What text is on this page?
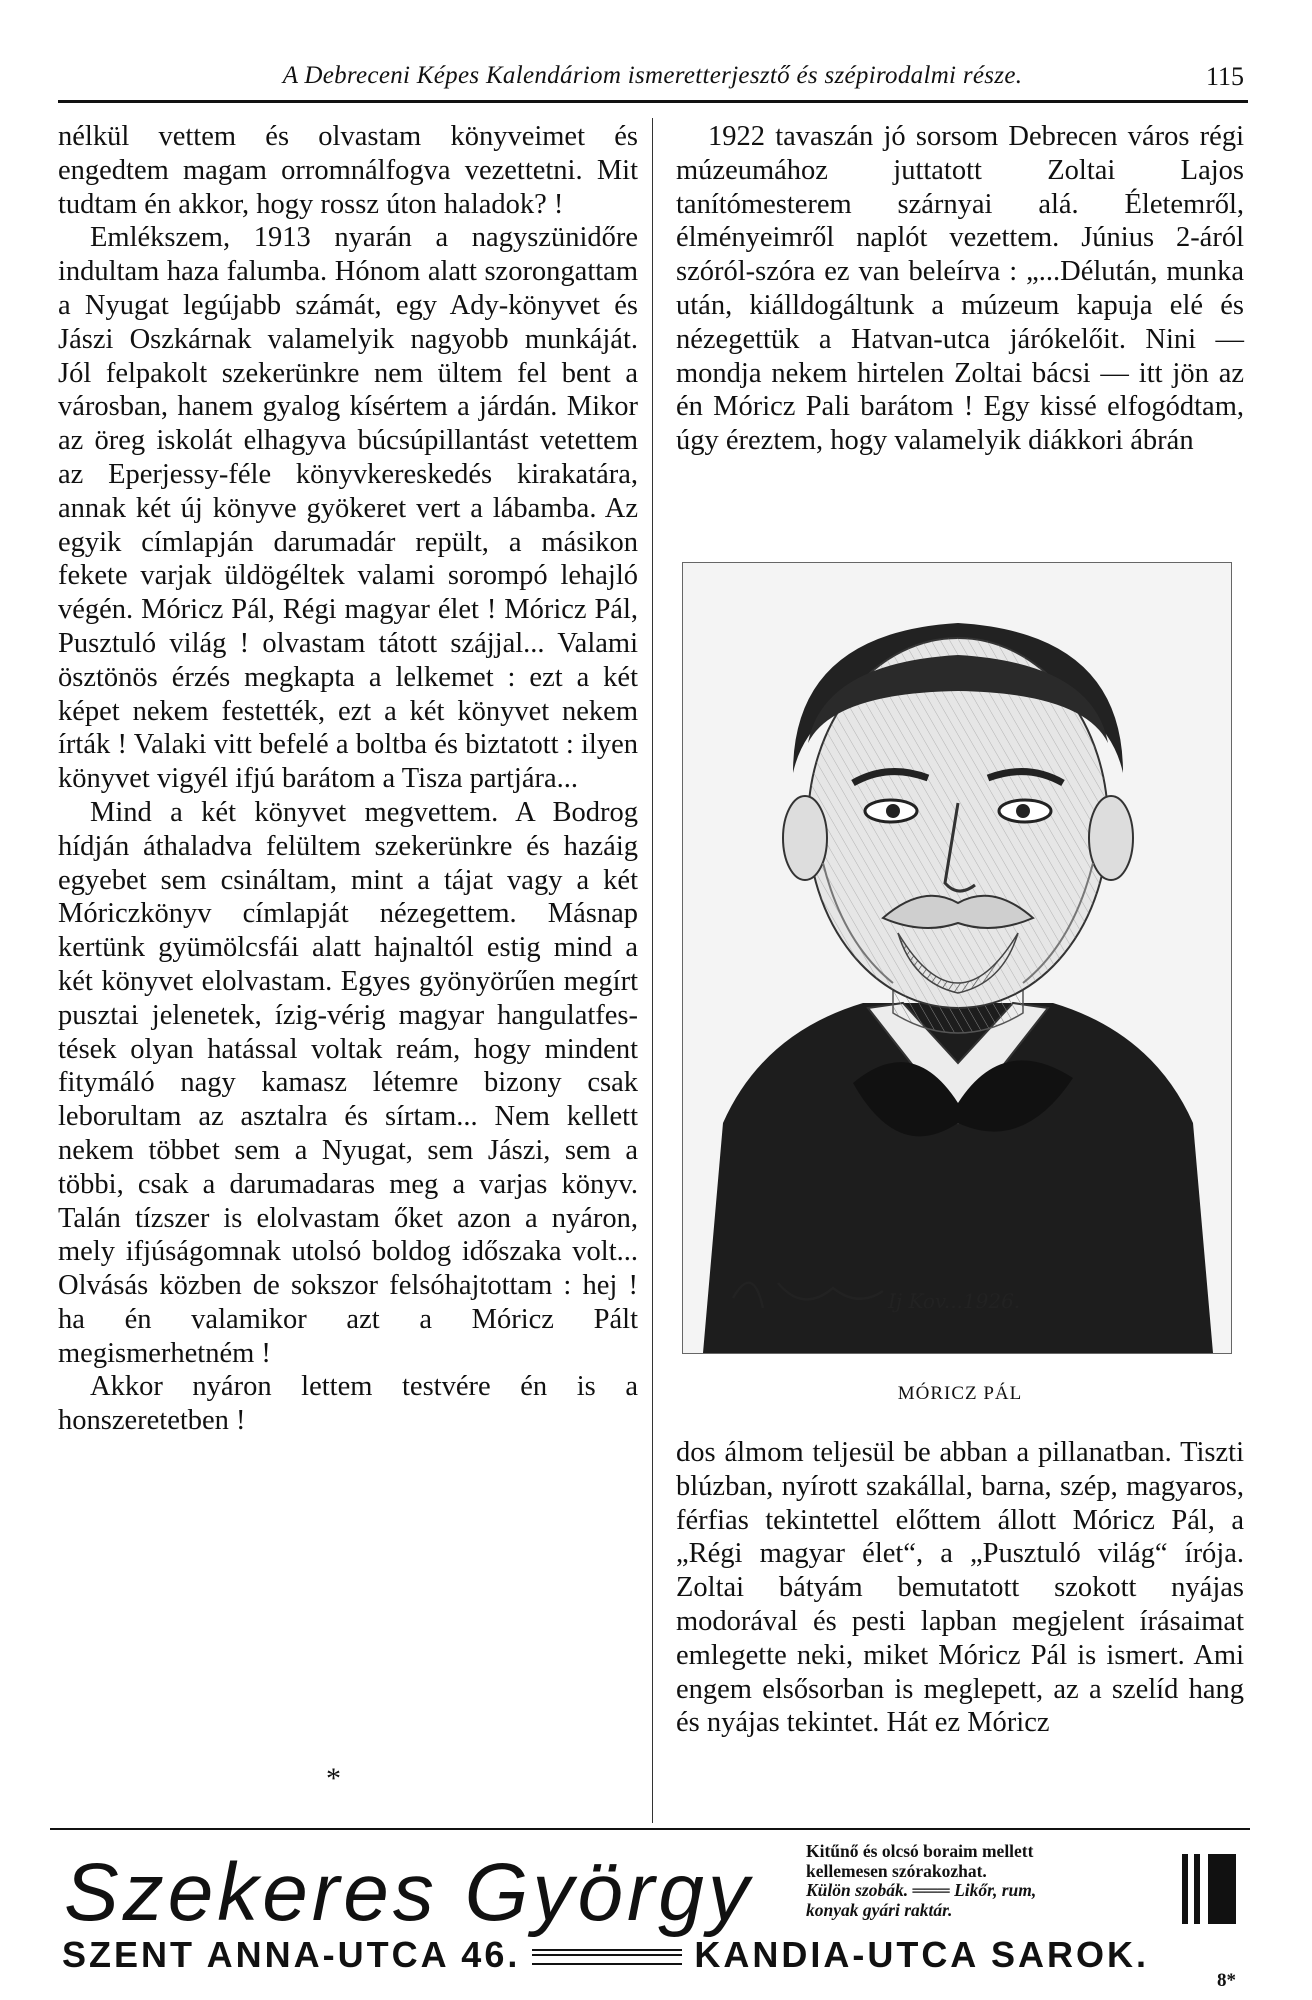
A Debreceni Képes Kalendáriom ismeretterjesztő és szépirodalmi része.	115

nélkül vettem és olvastam könyveimet és engedtem magam orromnálfogva vezettetni. Mit tudtam én akkor, hogy rossz úton haladok? !

Emlékszem, 1913 nyarán a nagyszünidőre indultam haza falumba. Hónom alatt szorongattam a Nyugat legújabb számát, egy Ady-könyvet és Jászi Oszkárnak valamelyik nagyobb munkáját. Jól felpakolt szekerünkre nem ültem fel bent a városban, hanem gyalog kísértem a járdán. Mikor az öreg iskolát elhagyva búcsúpillantást vetettem az Eperjessy-féle könyvkereskedés kirakatára, annak két új könyve gyökeret vert a lábamba. Az egyik címlapján darumadár repült, a másikon fekete varjak üldögéltek valami sorompó lehajló végén. Móricz Pál, Régi magyar élet ! Móricz Pál, Pusztuló világ ! olvastam tátott szájjal... Valami ösztönös érzés megkapta a lelkemet : ezt a két képet nekem festették, ezt a két könyvet nekem írták ! Valaki vitt befelé a boltba és biztatott : ilyen könyvet vigyél ifjú barátom a Tisza partjára...

Mind a két könyvet megvettem. A Bodrog hídján áthaladva felültem szekerünkre és hazáig egyebet sem csináltam, mint a tájat vagy a két Móriczkönyv címlapját nézegettem. Másnap kertünk gyümölcsfái alatt hajnaltól estig mind a két könyvet elolvastam. Egyes gyönyörűen megírt pusztai jelenetek, ízig-vérig magyar hangulatfestések olyan hatással voltak reám, hogy mindent fitymáló nagy kamasz létemre bizony csak leborultam az asztalra és sírtam... Nem kellett nekem többet sem a Nyugat, sem Jászi, sem a többi, csak a darumadaras meg a varjas könyv. Talán tízszer is elolvastam őket azon a nyáron, mely ifjúságomnak utolsó boldog időszaka volt... Olvásás közben de sokszor felsóhajtottam : hej ! ha én valamikor azt a Móricz Pált megismerhetném !

Akkor nyáron lettem testvére én is a honszeretetben !

*

1922 tavaszán jó sorsom Debrecen város régi múzeumához juttatott Zoltai Lajos tanítómesterem szárnyai alá. Életemről, élményeimről naplót vezettem. Június 2-áról szóról-szóra ez van beleírva : „...Délután, munka után, kiálldogáltunk a múzeum kapuja elé és nézegettük a Hatvan-utca járókelőit. Nini — mondja nekem hirtelen Zoltai bácsi — itt jön az én Móricz Pali barátom ! Egy kissé elfogódtam, úgy éreztem, hogy valamelyik diákkori ábrán

Ij Kov...1926.
MÓRICZ PÁL

dos álmom teljesül be abban a pillanatban. Tiszti blúzban, nyírott szakállal, barna, szép, magyaros, férfias tekintettel előttem állott Móricz Pál, a „Régi magyar élet“, a „Pusztuló világ“ írója. Zoltai bátyám bemutatott szokott nyájas modorával és pesti lapban megjelent írásaimat emlegette neki, miket Móricz Pál is ismert. Ami engem elsősorban is meglepett, az a szelíd hang és nyájas tekintet. Hát ez Móricz

Szekeres György	Kitűnő és olcsó boraim mellett
kellemesen szórakozhat.
Külön szobák. ═══ Likőr, rum,
konyak gyári raktár.
SZENT ANNA-UTCA 46.	KANDIA-UTCA SAROK.
8*
